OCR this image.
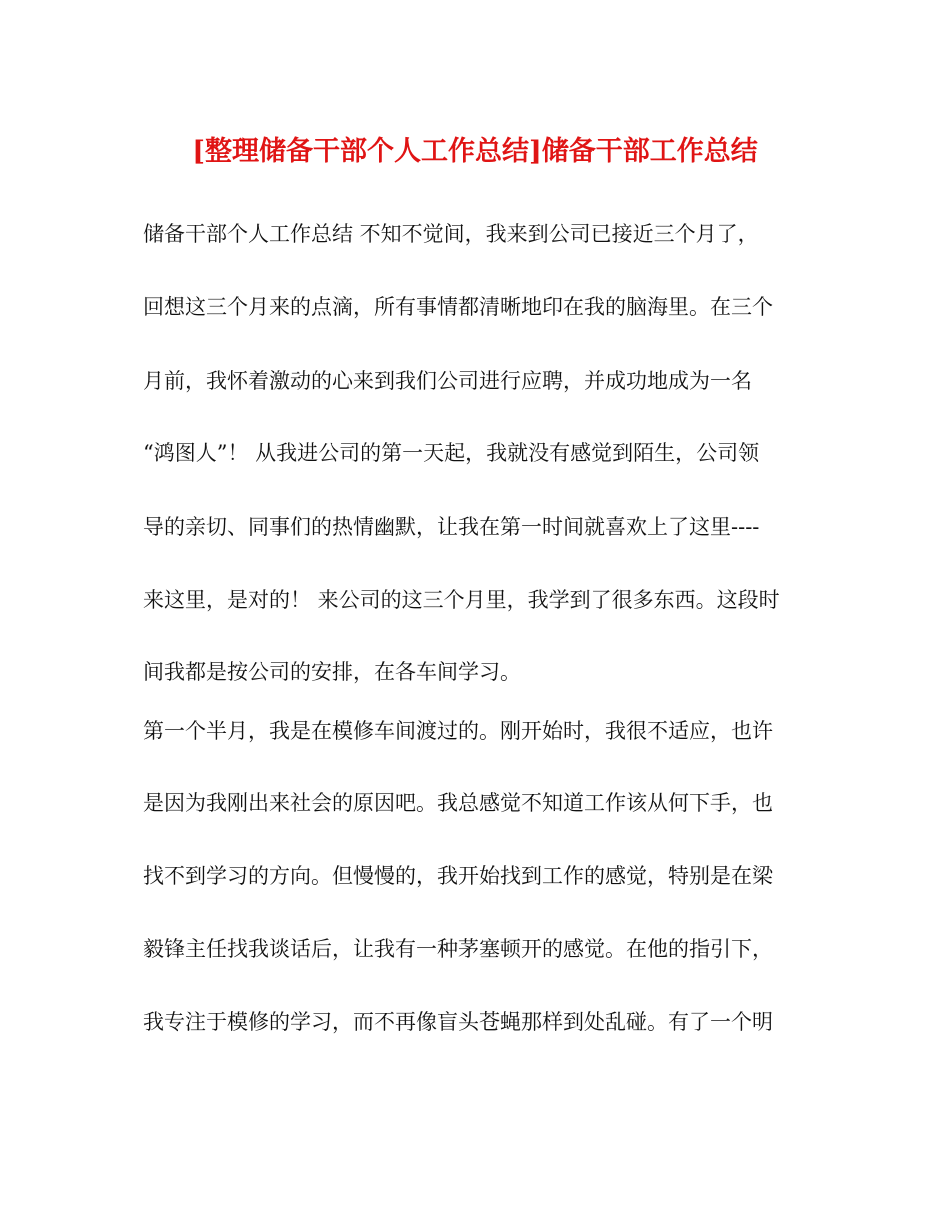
[整理储备干部个人工作总结]储备干部工作总结
储备干部个人工作总结 不知不觉间，我来到公司已接近三个月了，
回想这三个月来的点滴，所有事情都清晰地印在我的脑海里。在三个
月前，我怀着激动的心来到我们公司进行应聘，并成功地成为一名
“鸿图人”！ 从我进公司的第一天起，我就没有感觉到陌生，公司领
导的亲切、同事们的热情幽默，让我在第一时间就喜欢上了这里----
来这里，是对的！ 来公司的这三个月里，我学到了很多东西。这段时
间我都是按公司的安排，在各车间学习。
第一个半月，我是在模修车间渡过的。刚开始时，我很不适应，也许
是因为我刚出来社会的原因吧。我总感觉不知道工作该从何下手，也
找不到学习的方向。但慢慢的，我开始找到工作的感觉，特别是在梁
毅锋主任找我谈话后，让我有一种茅塞顿开的感觉。在他的指引下，
我专注于模修的学习，而不再像盲头苍蝇那样到处乱碰。有了一个明
